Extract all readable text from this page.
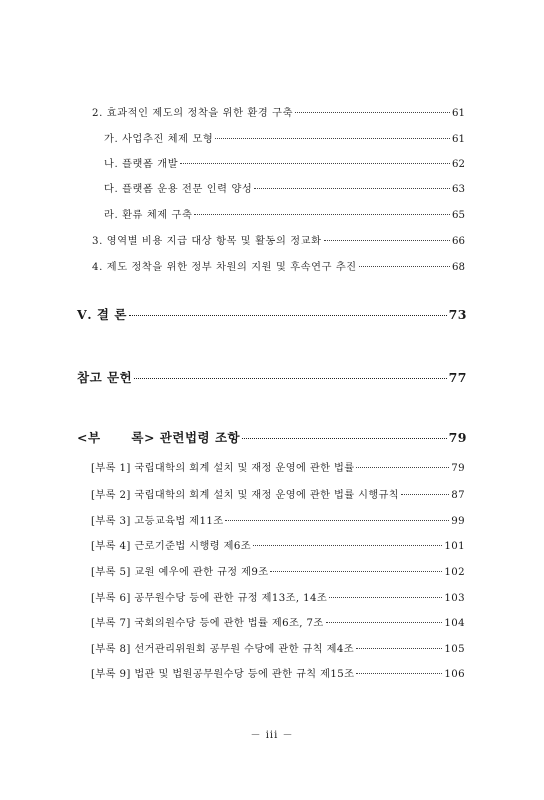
2. 효과적인 제도의 정착을 위한 환경 구축	61
가. 사업추진 체제 모형	61
나. 플랫폼 개발	62
다. 플랫폼 운용 전문 인력 양성	63
라. 환류 체제 구축	65
3. 영역별 비용 지급 대상 항목 및 활동의 정교화	66
4. 제도 정착을 위한 정부 차원의 지원 및 후속연구 추진	68
Ⅴ. 결 론	73
참고 문헌	77
<부　　 록> 관련법령 조항	79
[부록 1] 국립대학의 회계 설치 및 재정 운영에 관한 법률	79
[부록 2] 국립대학의 회계 설치 및 재정 운영에 관한 법률 시행규칙	87
[부록 3] 고등교육법 제11조	99
[부록 4] 근로기준법 시행령 제6조	101
[부록 5] 교원 예우에 관한 규정 제9조	102
[부록 6] 공무원수당 등에 관한 규정 제13조, 14조	103
[부록 7] 국회의원수당 등에 관한 법률 제6조, 7조	104
[부록 8] 선거관리위원회 공무원 수당에 관한 규칙 제4조	105
[부록 9] 법관 및 법원공무원수당 등에 관한 규칙 제15조	106
－ iii －
